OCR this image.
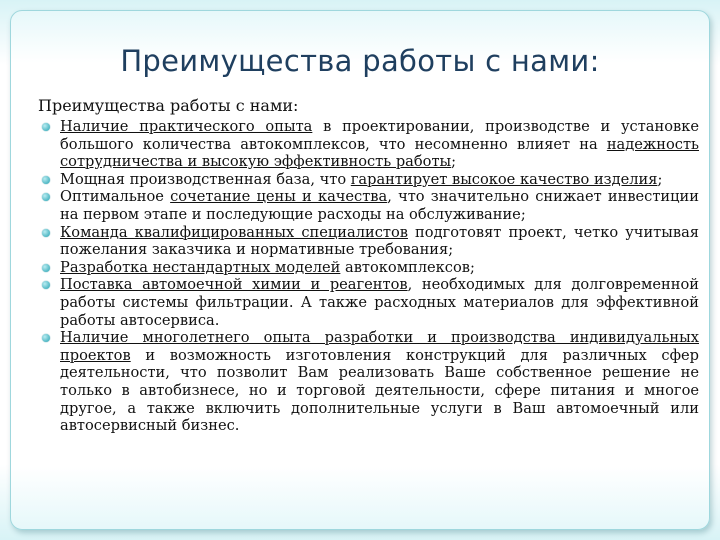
Преимущества работы с нами:
Преимущества работы с нами:
Наличие практического опыта в проектировании, производстве и установке большого количества автокомплексов, что несомненно влияет на надежность сотрудничества и высокую эффективность работы;
Мощная производственная база, что гарантирует высокое качество изделия;
Оптимальное сочетание цены и качества, что значительно снижает инвестиции на первом этапе и последующие расходы на обслуживание;
Команда квалифицированных специалистов подготовят проект, четко учитывая пожелания заказчика и нормативные требования;
Разработка нестандартных моделей автокомплексов;
Поставка автомоечной химии и реагентов, необходимых для долговременной работы системы фильтрации. А также расходных материалов для эффективной работы автосервиса.
Наличие многолетнего опыта разработки и производства индивидуальных проектов и возможность изготовления конструкций для различных сфер деятельности, что позволит Вам реализовать Ваше собственное решение не только в автобизнесе, но и торговой деятельности, сфере питания и многое другое, а также включить дополнительные услуги в Ваш автомоечный или автосервисный бизнес.
